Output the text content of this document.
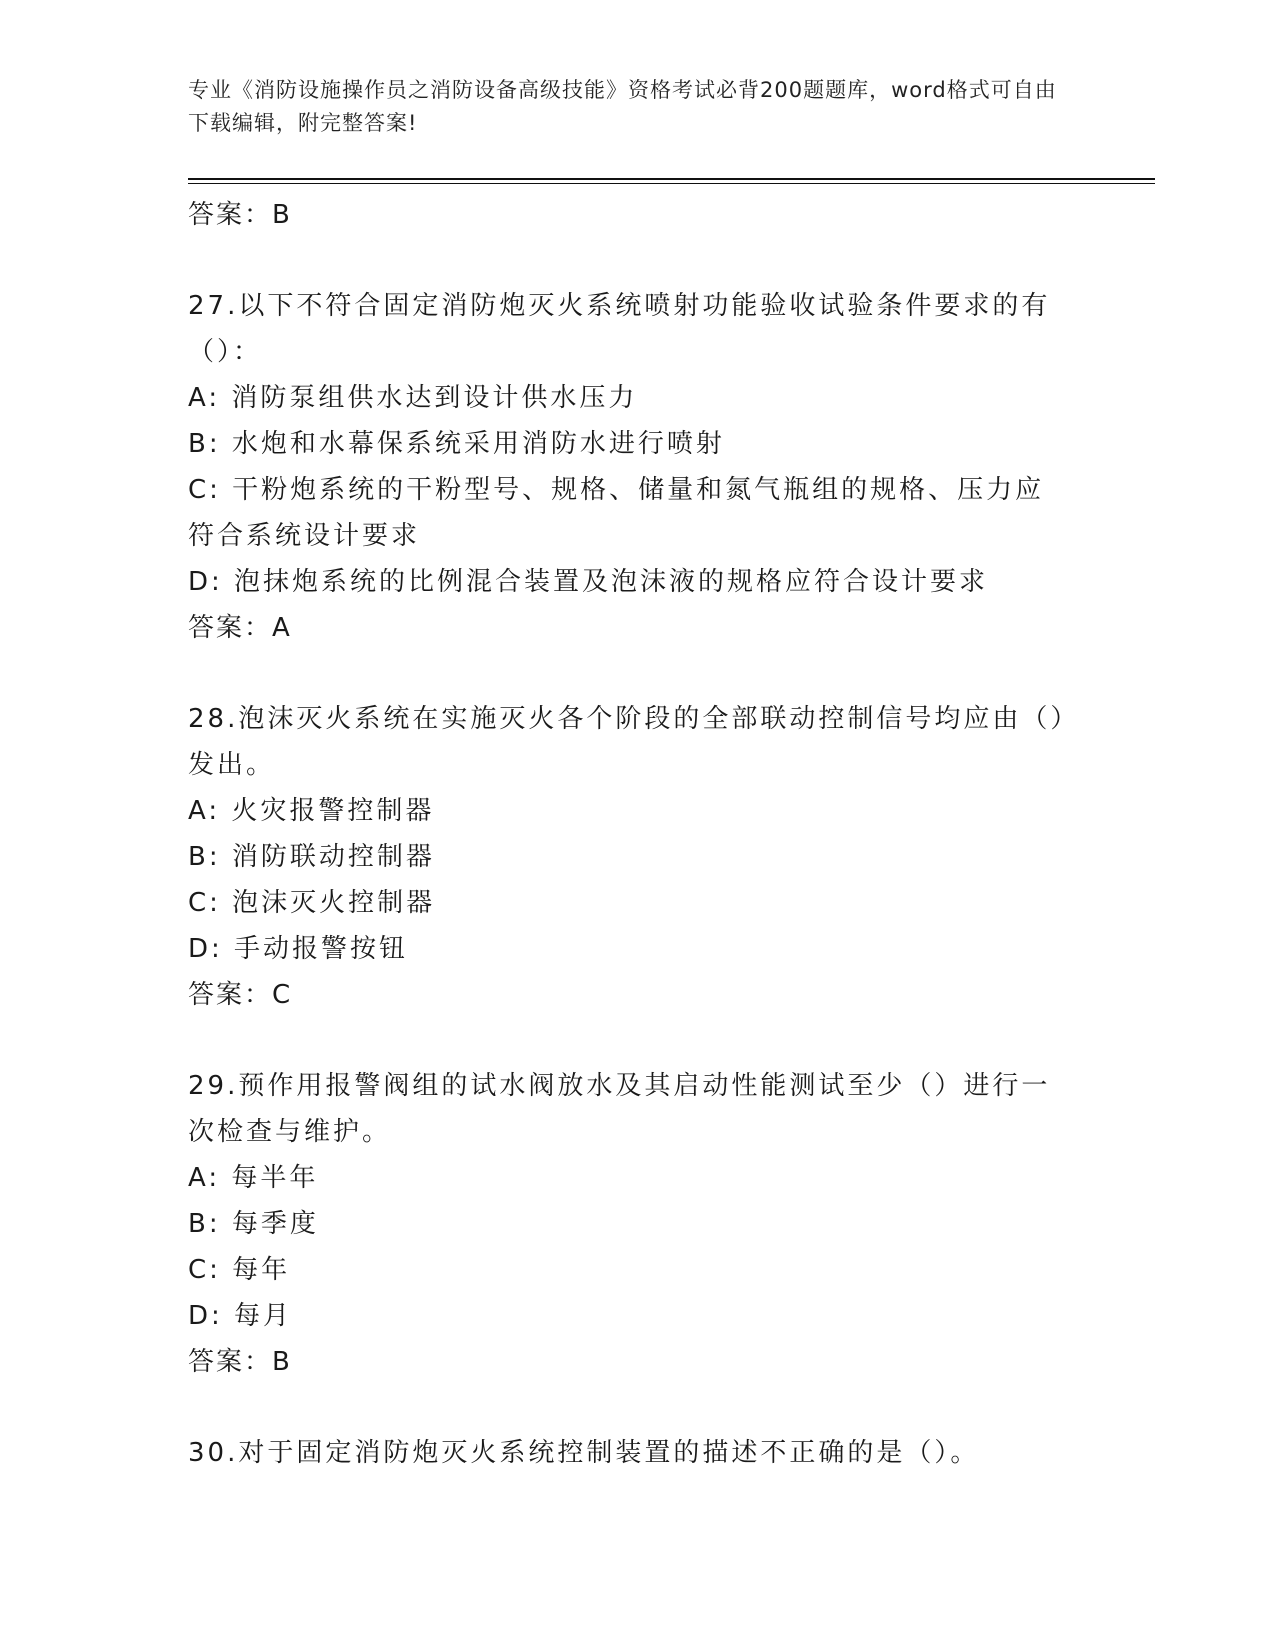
专业《消防设施操作员之消防设备高级技能》资格考试必背200题题库，word格式可自由下载编辑，附完整答案!
答案：B
27.以下不符合固定消防炮灭火系统喷射功能验收试验条件要求的有（）：
A: 消防泵组供水达到设计供水压力
B: 水炮和水幕保系统采用消防水进行喷射
C: 干粉炮系统的干粉型号、规格、储量和氮气瓶组的规格、压力应符合系统设计要求
D: 泡抹炮系统的比例混合装置及泡沫液的规格应符合设计要求
答案：A
28.泡沫灭火系统在实施灭火各个阶段的全部联动控制信号均应由（）发出。
A: 火灾报警控制器
B: 消防联动控制器
C: 泡沫灭火控制器
D: 手动报警按钮
答案：C
29.预作用报警阀组的试水阀放水及其启动性能测试至少（）进行一次检查与维护。
A: 每半年
B: 每季度
C: 每年
D: 每月
答案：B
30.对于固定消防炮灭火系统控制装置的描述不正确的是（）。
